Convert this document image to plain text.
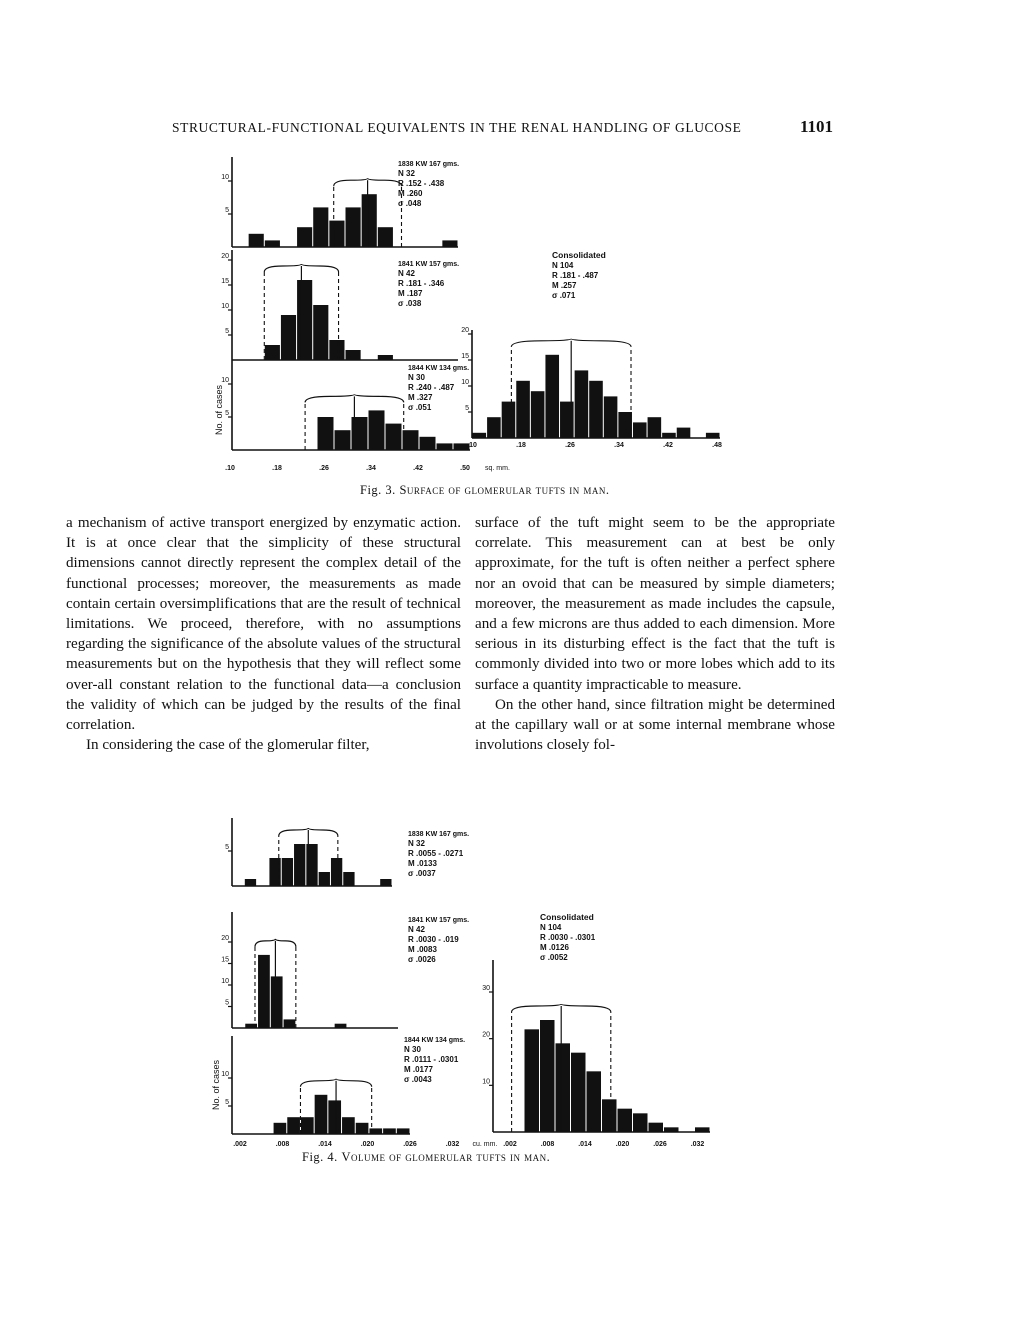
STRUCTURAL-FUNCTIONAL EQUIVALENTS IN THE RENAL HANDLING OF GLUCOSE	1101
5
10
1838 KW 167 gms.
N 32
R .152 - .438
M .260
σ .048
5
10
15
20
1841 KW 157 gms.
N 42
R .181 - .346
M .187
σ .038
5
10
1844 KW 134 gms.
N 30
R .240 - .487
M .327
σ .051	5
10
15
20
Consolidated
N 104
R .181 - .487
M .257
σ .071
.10	.18	.26	.34	.42	.50 sq. mm.
.10	.18	.26	.34	.42	.48
No. of cases
Fig. 3. Surface of glomerular tufts in man.

a mechanism of active transport energized by enzymatic action. It is at once clear that the simplicity of these structural dimensions cannot directly represent the complex detail of the functional processes; moreover, the measurements as made contain certain oversimplifications that are the result of technical limitations. We proceed, therefore, with no assumptions regarding the significance of the absolute values of the structural measurements but on the hypothesis that they will reflect some over-all constant relation to the functional data—a conclusion the validity of which can be judged by the results of the final correlation.

In considering the case of the glomerular filter,

surface of the tuft might seem to be the appropriate correlate. This measurement can at best be only approximate, for the tuft is often neither a perfect sphere nor an ovoid that can be measured by simple diameters; moreover, the measurement as made includes the capsule, and a few microns are thus added to each dimension. More serious in its disturbing effect is the fact that the tuft is commonly divided into two or more lobes which add to its surface a quantity impracticable to measure.

On the other hand, since filtration might be determined at the capillary wall or at some internal membrane whose involutions closely fol-

5
1838 KW 167 gms.
N 32
R .0055 - .0271
M .0133
σ .0037
5
10
15
20
1841 KW 157 gms.
N 42
R .0030 - .019
M .0083
σ .0026
5
10
1844 KW 134 gms.
N 30
R .0111 - .0301
M .0177
σ .0043	10
20
30
Consolidated
N 104
R .0030 - .0301
M .0126
σ .0052
.002	.008	.014	.020	.026	.032 cu. mm. .002	.008	.014	.020	.026	.032
No. of cases
Fig. 4. Volume of glomerular tufts in man.
